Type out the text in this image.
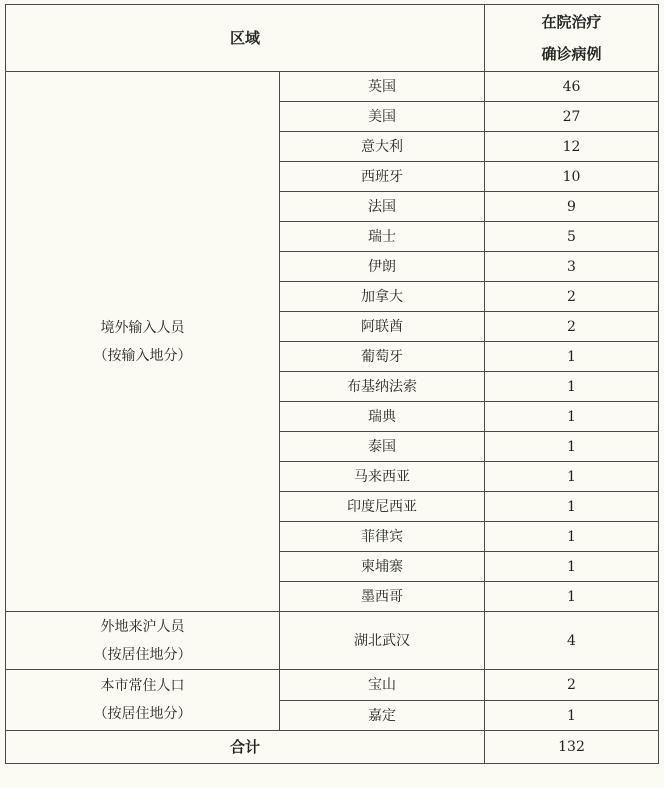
区域		在院治疗
确诊病例

境外输入人员
（按输入地分）	英国	46
	美国	27
	意大利	12
	西班牙	10
	法国	9
	瑞士	5
	伊朗	3
	加拿大	2
	阿联酋	2
	葡萄牙	1
	布基纳法索	1
	瑞典	1
	泰国	1
	马来西亚	1
	印度尼西亚	1
	菲律宾	1
	柬埔寨	1
	墨西哥	1

外地来沪人员
（按居住地分）	湖北武汉	4

本市常住人口
（按居住地分）	宝山	2
	嘉定	1
合计		132
